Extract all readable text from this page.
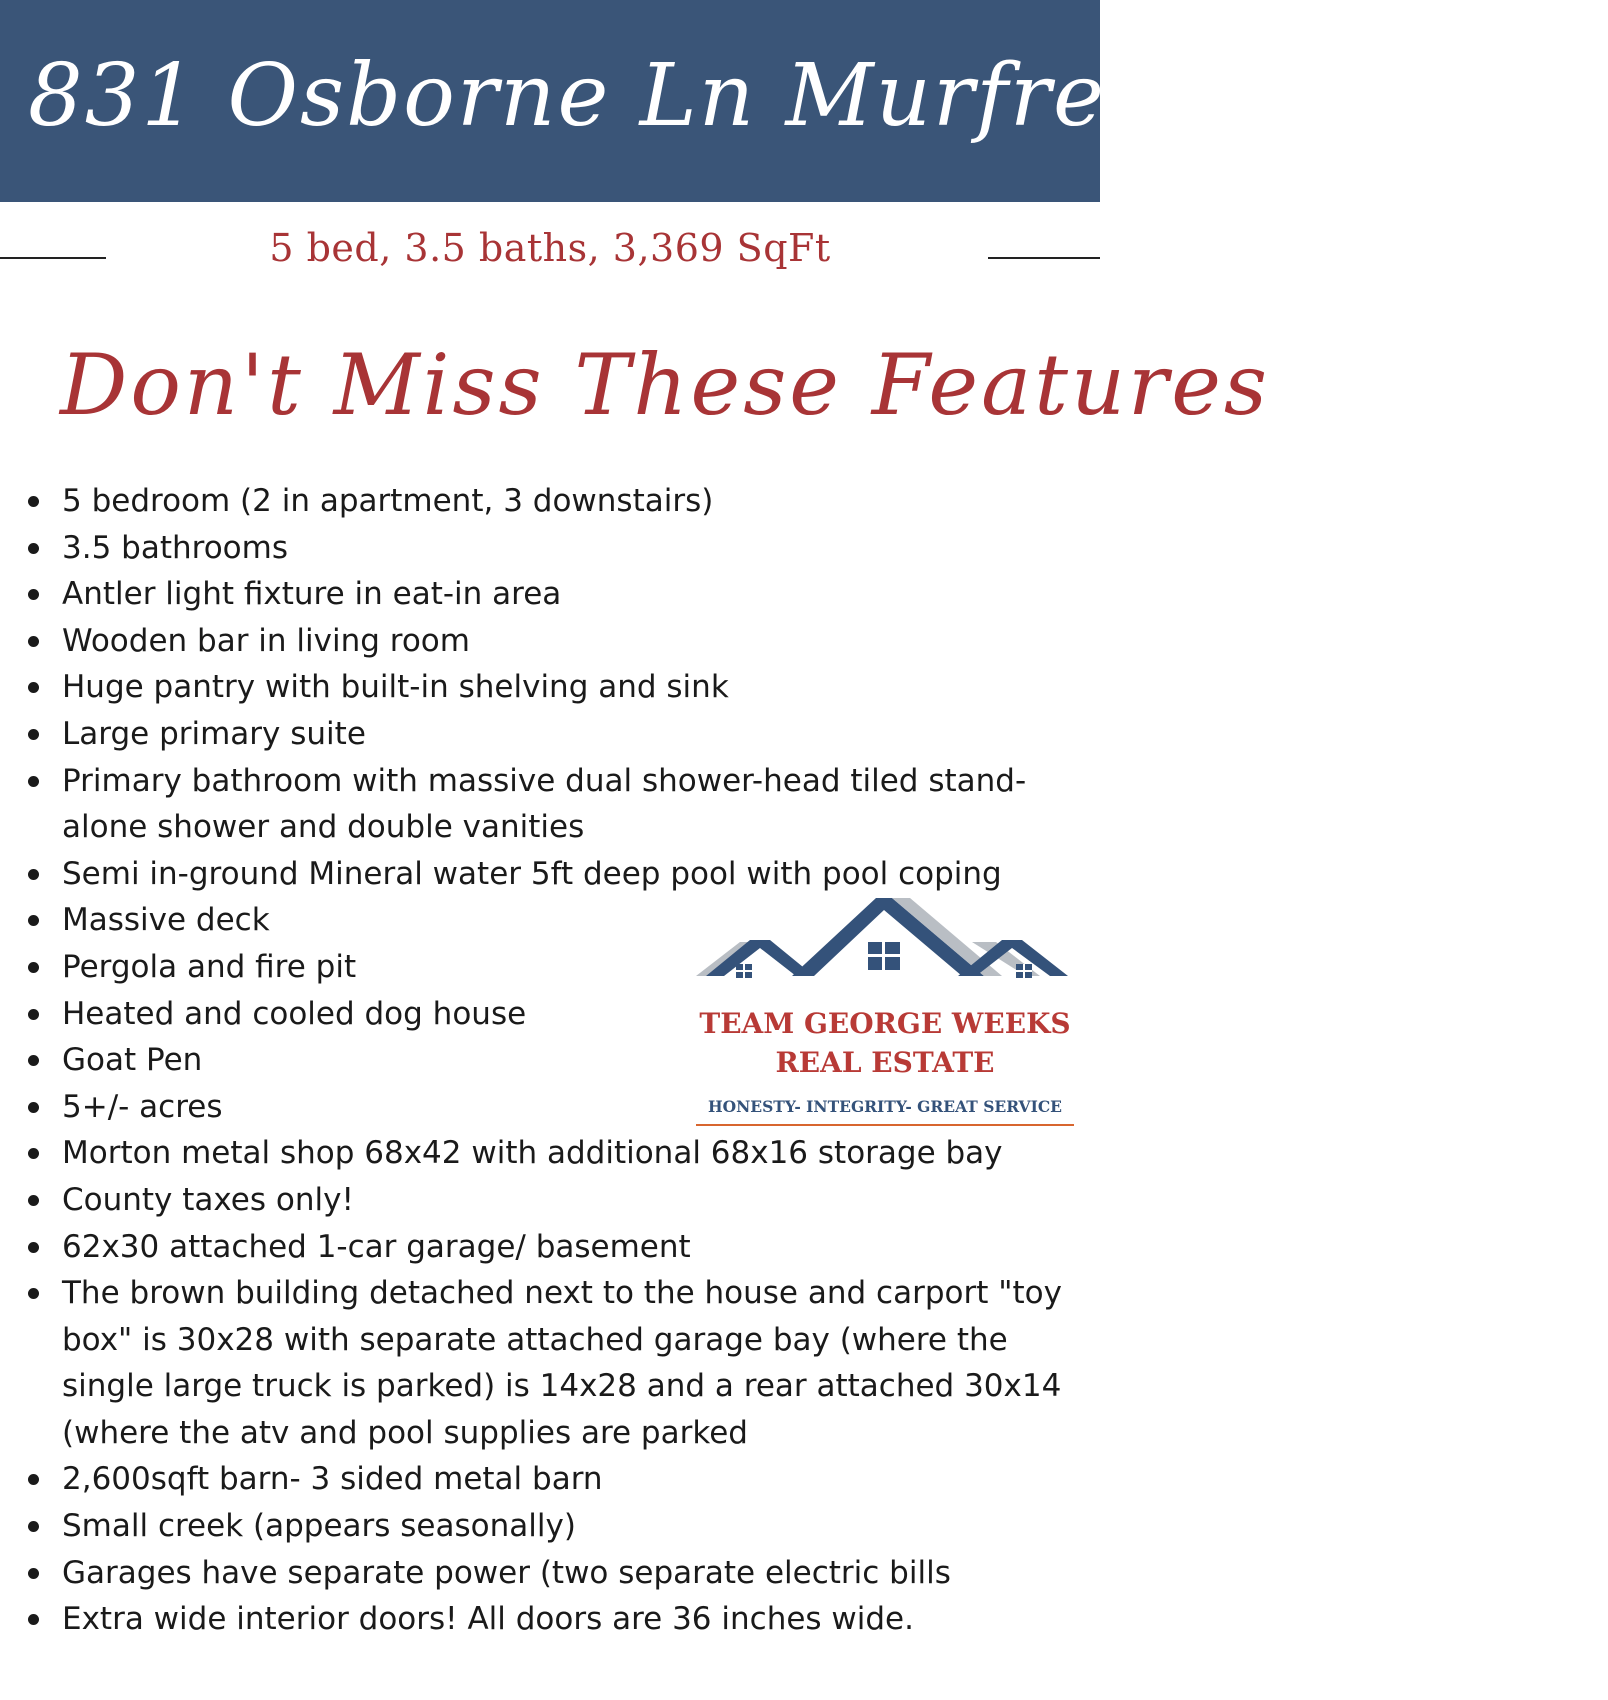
831 Osborne Ln Murfreesboro, TN
5 bed, 3.5 baths, 3,369 SqFt
Don't Miss These Features
5 bedroom (2 in apartment, 3 downstairs)
3.5 bathrooms
Antler light fixture in eat-in area
Wooden bar in living room
Huge pantry with built-in shelving and sink
Large primary suite
Primary bathroom with massive dual shower-head tiled stand-alone shower and double vanities
Semi in-ground Mineral water 5ft deep pool with pool coping
Massive deck
Pergola and fire pit
Heated and cooled dog house
Goat Pen
5+/- acres
Morton metal shop 68x42 with additional 68x16 storage bay
County taxes only!
62x30 attached 1-car garage/ basement
The brown building detached next to the house and carport "toy box" is 30x28 with separate attached garage bay (where the single large truck is parked) is 14x28 and a rear attached 30x14 (where the atv and pool supplies are parked
2,600sqft barn- 3 sided metal barn
Small creek (appears seasonally)
Garages have separate power (two separate electric bills
Extra wide interior doors! All doors are 36 inches wide.
TEAM GEORGE WEEKS
REAL ESTATE
HONESTY- INTEGRITY- GREAT SERVICE
